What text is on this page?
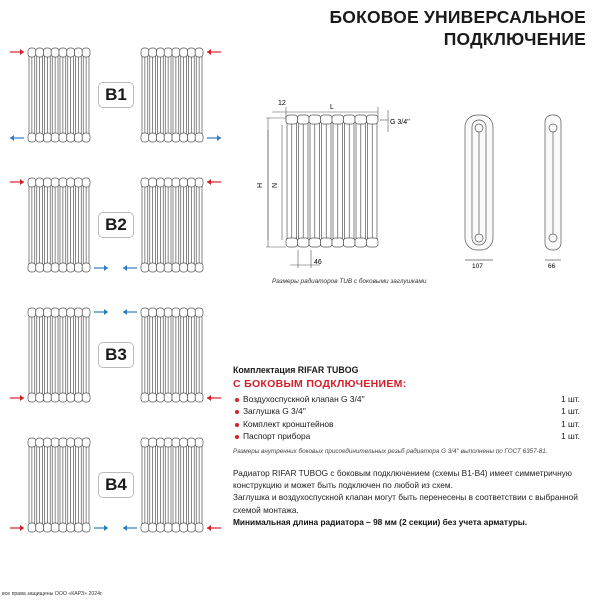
БОКОВОЕ УНИВЕРСАЛЬНОЕ
ПОДКЛЮЧЕНИЕ
B1
B2
B3
B4
12
L
G 3/4''
H N
46
107	66
Размеры радиаторов TUB с боковыми заглушками
Комплектация RIFAR TUBOG
С БОКОВЫМ ПОДКЛЮЧЕНИЕМ:
Воздухоспускной клапан G 3/4''	1 шт.
Заглушка G 3/4''	1 шт.
Комплект кронштейнов	1 шт.
Паспорт прибора	1 шт.
Размеры внутренних боковых присоединительных резьб радиатора G 3/4'' выполнены по ГОСТ 6357-81.
Радиатор RIFAR TUBOG с боковым подключением (схемы В1-В4) имеет симметричную конструкцию и может быть подключен по любой из схем.
Заглушка и воздухоспускной клапан могут быть перенесены в соответствии с выбранной схемой монтажа.
Минимальная длина радиатора – 98 мм (2 секции) без учета арматуры.
все права защищены ООО «КАРЗ» 2024г.
